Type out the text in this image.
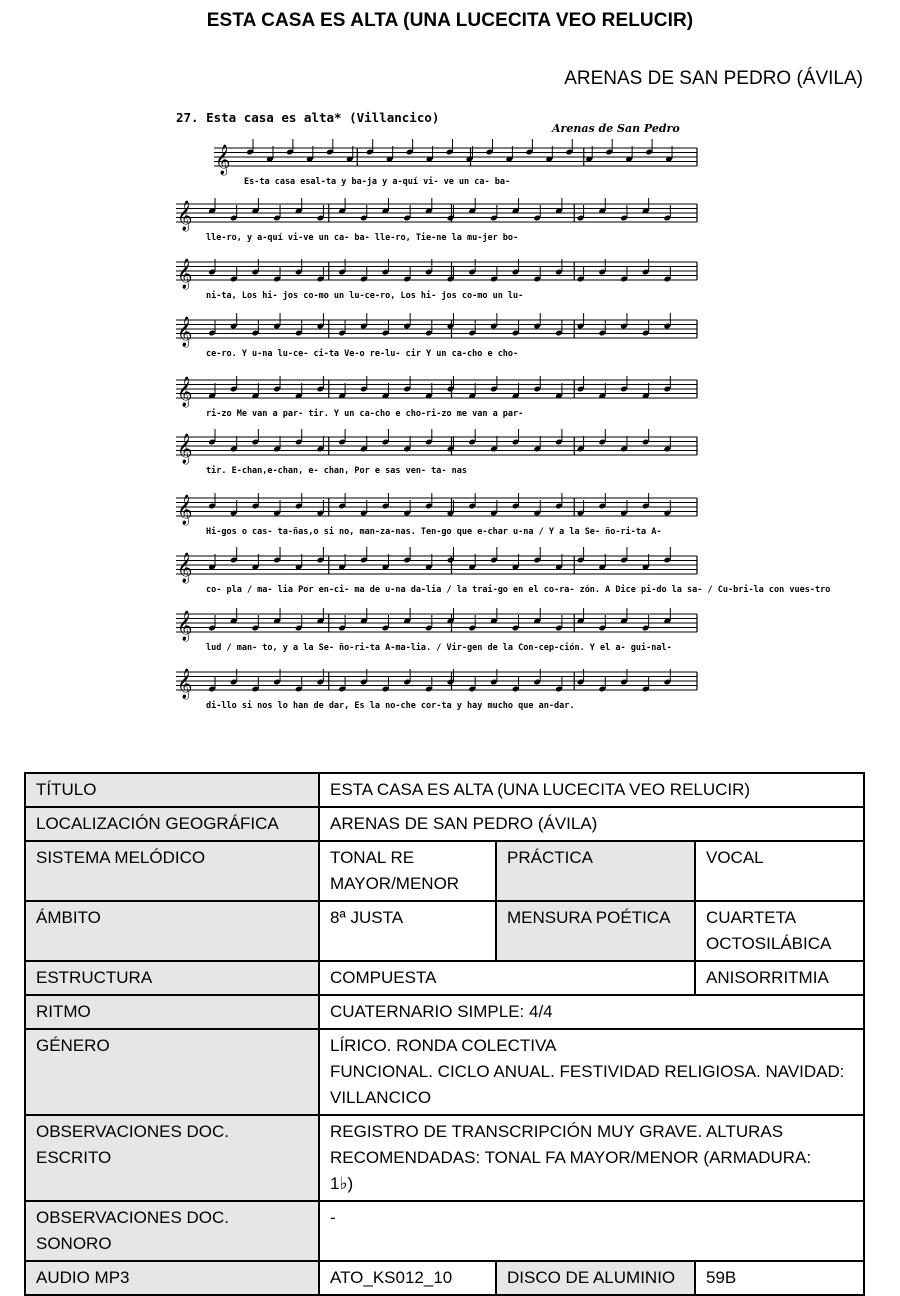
ESTA CASA ES ALTA (UNA LUCECITA VEO RELUCIR)
ARENAS DE SAN PEDRO (ÁVILA)
27. Esta casa es alta* (Villancico)
Arenas de San Pedro
𝄞
Es-ta casa esal-ta y ba-ja y a-quí vi- ve un ca- ba-
𝄞
lle-ro, y a-quí vi-ve un ca- ba- lle-ro, Tie-ne la mu-jer bo-
𝄞
ni-ta, Los hi- jos co-mo un lu-ce-ro, Los hi- jos co-mo un lu-
𝄞
ce-ro. Y u-na lu-ce- ci-ta Ve-o re-lu- cir Y un ca-cho e cho-
𝄞
ri-zo Me van a par- tir. Y un ca-cho e cho-ri-zo me van a par-
𝄞
tir. E-chan,e-chan, e- chan, Por e sas ven- ta- nas
𝄞
Hi-gos o cas- ta-ñas,o si no, man-za-nas. Ten-go que e-char u-na / Y a la Se- ño-ri-ta A-
𝄞
co- pla / ma- lia Por en-ci- ma de u-na da-lia / la trai-go en el co-ra- zón. A Dice pi-do la sa- / Cu-bri-la con vues-tro
𝄞
lud / man- to, y a la Se- ño-ri-ta A-ma-lia. / Vir-gen de la Con-cep-ción. Y el a- gui-nal-
𝄞
di-llo si nos lo han de dar, Es la no-che cor-ta y hay mucho que an-dar.
TÍTULO	ESTA CASA ES ALTA (UNA LUCECITA VEO RELUCIR)		
LOCALIZACIÓN GEOGRÁFICA	ARENAS DE SAN PEDRO (ÁVILA)		
SISTEMA MELÓDICO	TONAL RE
MAYOR/MENOR	PRÁCTICA	VOCAL
ÁMBITO	8ª JUSTA	MENSURA POÉTICA	CUARTETA
OCTOSILÁBICA

ESTRUCTURA	COMPUESTA		ANISORRITMIA
RITMO	CUATERNARIO SIMPLE: 4/4		
GÉNERO	LÍRICO. RONDA COLECTIVA
FUNCIONAL. CICLO ANUAL. FESTIVIDAD RELIGIOSA. NAVIDAD:
VILLANCICO		

OBSERVACIONES DOC. ESCRITO	REGISTRO DE TRANSCRIPCIÓN MUY GRAVE. ALTURAS
RECOMENDADAS: TONAL FA MAYOR/MENOR (ARMADURA:
1♭)		

OBSERVACIONES DOC. SONORO	-		
AUDIO MP3	ATO_KS012_10	DISCO DE ALUMINIO	59B
